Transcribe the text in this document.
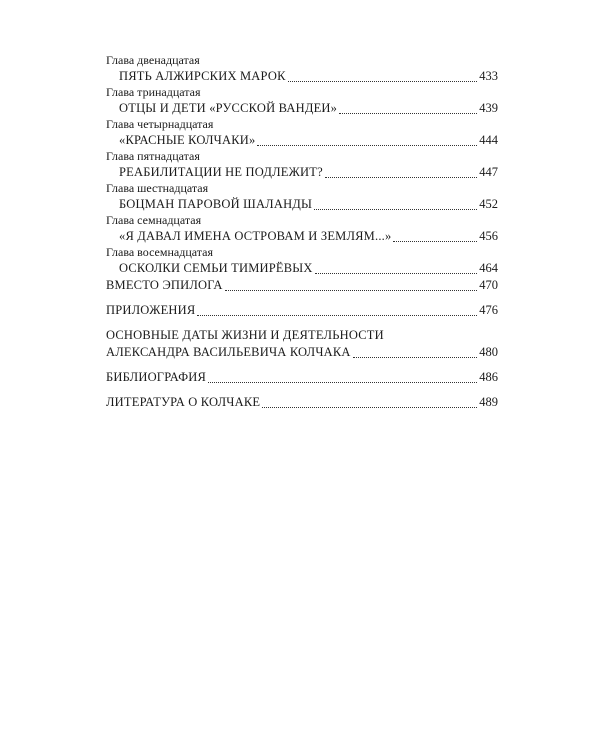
Глава двенадцатая
ПЯТЬ АЛЖИРСКИХ МАРОК	433
Глава тринадцатая
ОТЦЫ И ДЕТИ «РУССКОЙ ВАНДЕИ»	439
Глава четырнадцатая
«КРАСНЫЕ КОЛЧАКИ»	444
Глава пятнадцатая
РЕАБИЛИТАЦИИ НЕ ПОДЛЕЖИТ?	447
Глава шестнадцатая
БОЦМАН ПАРОВОЙ ШАЛАНДЫ	452
Глава семнадцатая
«Я ДАВАЛ ИМЕНА ОСТРОВАМ И ЗЕМЛЯМ...»	456
Глава восемнадцатая
ОСКОЛКИ СЕМЬИ ТИМИРЁВЫХ	464
ВМЕСТО ЭПИЛОГА	470
ПРИЛОЖЕНИЯ	476
ОСНОВНЫЕ ДАТЫ ЖИЗНИ И ДЕЯТЕЛЬНОСТИ
АЛЕКСАНДРА ВАСИЛЬЕВИЧА КОЛЧАКА	480
БИБЛИОГРАФИЯ	486
ЛИТЕРАТУРА О КОЛЧАКЕ	489
